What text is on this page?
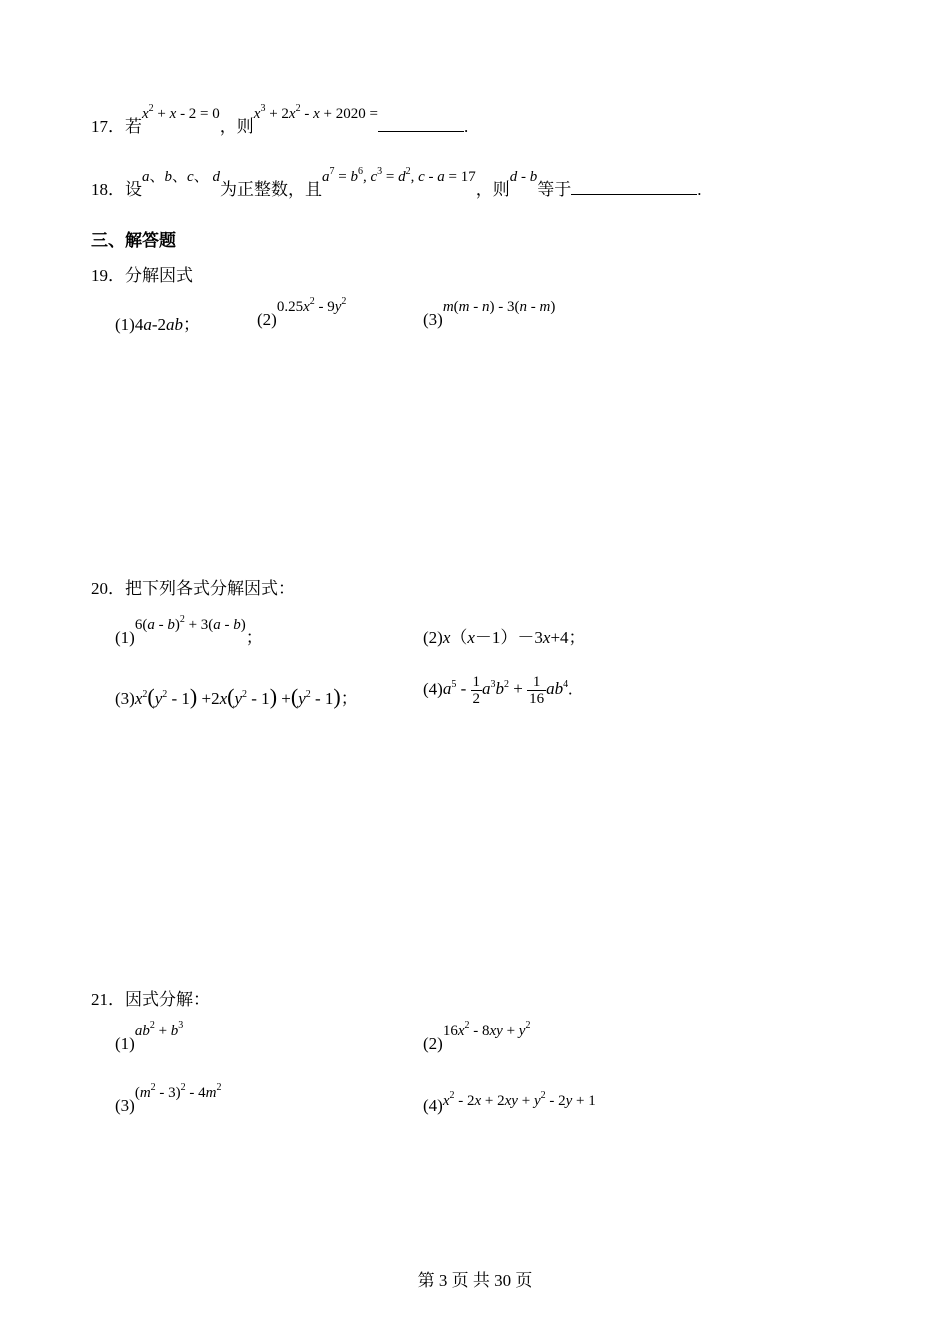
17．若$x^2 + x - 2 = 0$，则$x^3 + 2x^2 - x + 2020$ =.
18．设a、b、c、 d为正整数，且$a^7 = b^6$, $c^3 = d^2$, c - a = 17，则d - b等于	.
三、解答题
19．分解因式
(1)4a-2ab；	$(2)0.25x^2 - 9y^2$
(3)m(m - n) - 3(n - m)
20．把下列各式分解因式：
(1)6(a - b)$^2$ + 3(a - b)；	(2)x（x－1）－3x+4；
$(3)x^2(y^2 - 1) +2x(y^2 - 1) +(y^2 - 1)$；
$(4)a^5 - \frac{1}{2} a^3b^2 + \frac{1}{16} ab^4$.
21．因式分解：
$(1)ab^2 + b^3$
$(2)16x^2 - 8xy + y^2$
$(3)(m^2 - 3)^2 - 4m^2$
$(4)x^2 - 2x + 2xy + y^2 - 2y + 1$
第 3 页 共 30 页
